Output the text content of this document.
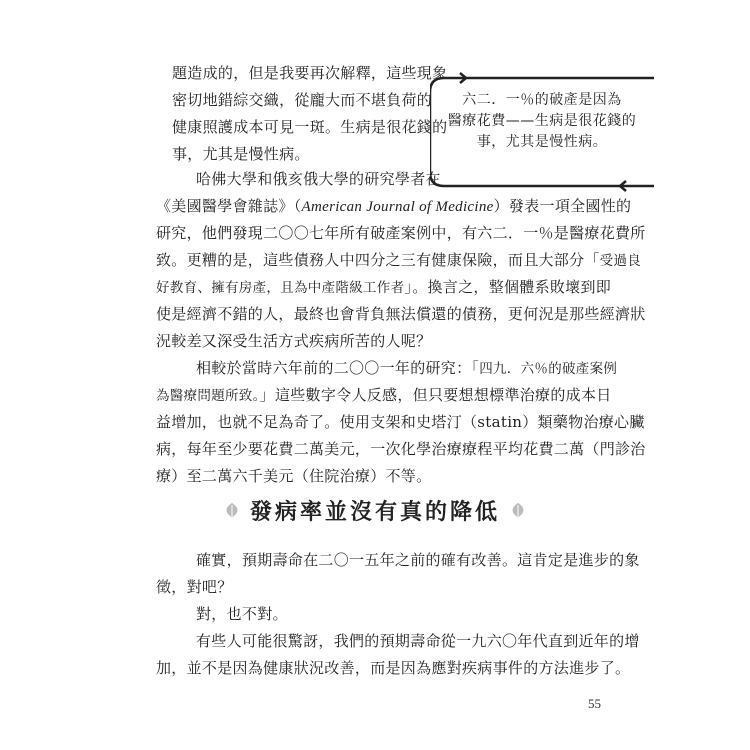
題造成的，但是我要再次解釋，這些現象

密切地錯綜交織，從龐大而不堪負荷的

健康照護成本可見一斑。生病是很花錢的

事，尤其是慢性病。

六二．一％的破產是因為
醫療花費——生病是很花錢的
事，尤其是慢性病。

哈佛大學和俄亥俄大學的研究學者在

《美國醫學會雜誌》（American Journal of Medicine）發表一項全國性的

研究，他們發現二〇〇七年所有破產案例中，有六二．一％是醫療花費所

致。更糟的是，這些債務人中四分之三有健康保險，而且大部分「受過良

好教育、擁有房產，且為中產階級工作者」。換言之，整個體系敗壞到即

使是經濟不錯的人，最終也會背負無法償還的債務，更何況是那些經濟狀

況較差又深受生活方式疾病所苦的人呢？

相較於當時六年前的二〇〇一年的研究：「四九．六％的破產案例

為醫療問題所致。」這些數字令人反感，但只要想想標準治療的成本日

益增加，也就不足為奇了。使用支架和史塔汀（statin）類藥物治療心臟

病，每年至少要花費二萬美元，一次化學治療療程平均花費二萬（門診治

療）至二萬六千美元（住院治療）不等。

發病率並沒有真的降低

確實，預期壽命在二〇一五年之前的確有改善。這肯定是進步的象

徵，對吧？

對，也不對。

有些人可能很驚訝，我們的預期壽命從一九六〇年代直到近年的增

加，並不是因為健康狀況改善，而是因為應對疾病事件的方法進步了。

55
